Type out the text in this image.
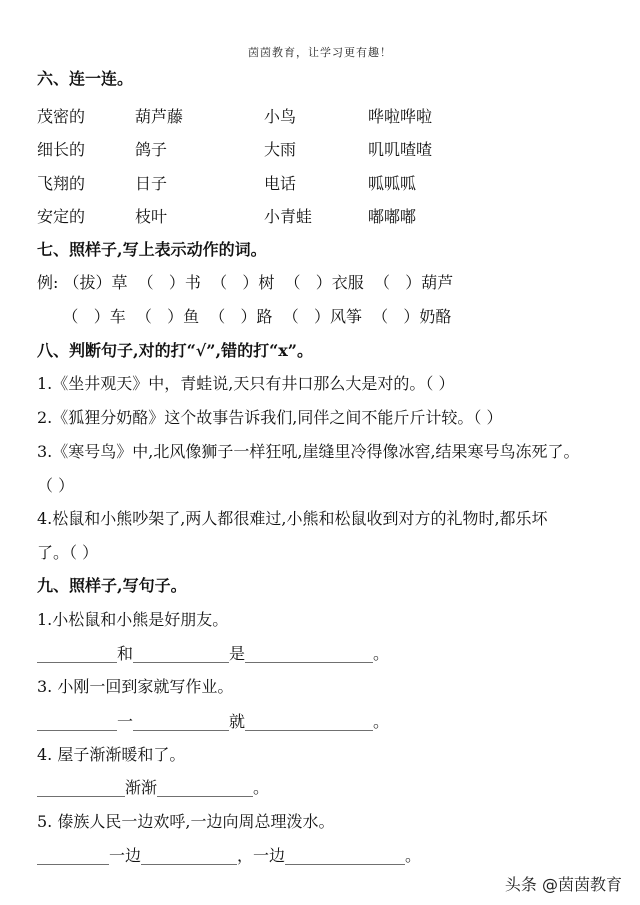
茵茵教育，让学习更有趣！
六、连一连。
茂密的	葫芦藤	小鸟	哗啦哗啦
细长的	鸽子	大雨	叽叽喳喳
飞翔的	日子	电话	呱呱呱
安定的	枝叶	小青蛙	嘟嘟嘟
七、照样子,写上表示动作的词。
例: （拔）草  （   ）书  （   ）树  （   ）衣服  （   ）葫芦
（   ）车  （   ）鱼  （   ）路  （   ）风筝  （   ）奶酪
八、判断句子,对的打“√”,错的打“x”。
1.《坐井观天》中，青蛙说,天只有井口那么大是对的。（ ）
2.《狐狸分奶酪》这个故事告诉我们,同伴之间不能斤斤计较。（ ）
3.《寒号鸟》中,北风像狮子一样狂吼,崖缝里冷得像冰窖,结果寒号鸟冻死了。
（ ）
4.松鼠和小熊吵架了,两人都很难过,小熊和松鼠收到对方的礼物时,都乐坏
了。（ ）
九、照样子,写句子。
1.小松鼠和小熊是好朋友。
__________和____________是________________。
3. 小刚一回到家就写作业。
__________一____________就________________。
4. 屋子渐渐暖和了。
___________渐渐____________。
5. 傣族人民一边欢呼,一边向周总理泼水。
_________一边____________，一边_______________。
头条 @茵茵教育
